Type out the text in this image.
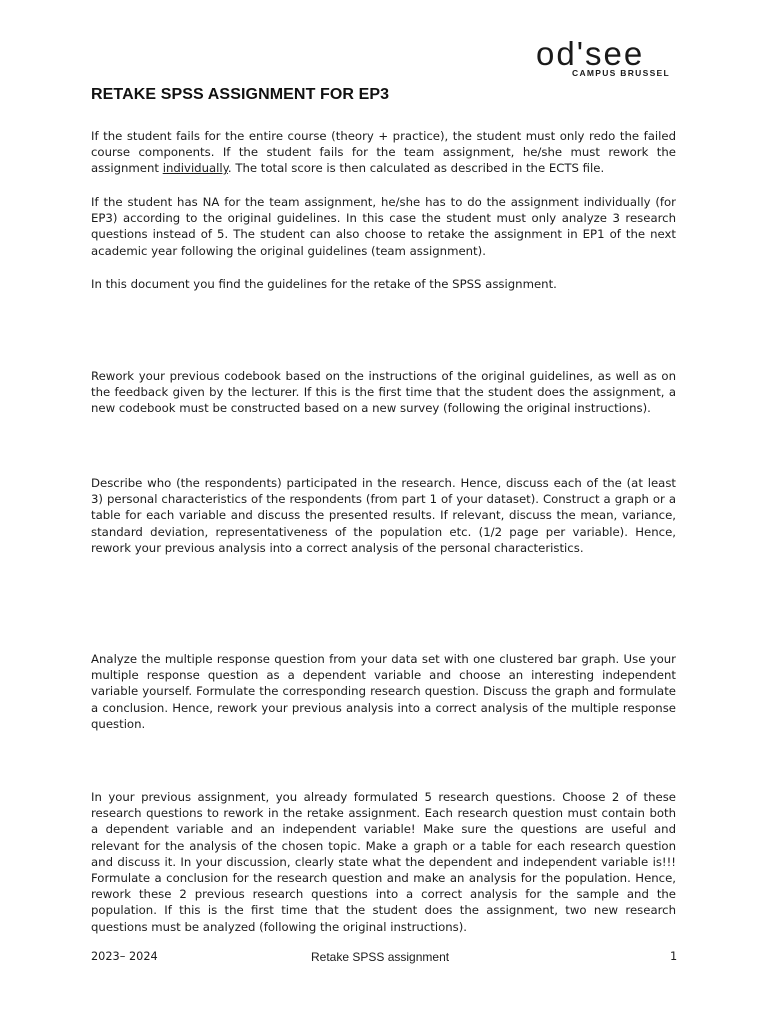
od'see
CAMPUS BRUSSEL
RETAKE SPSS ASSIGNMENT FOR EP3

If the student fails for the entire course (theory + practice), the student must only redo the failed course components. If the student fails for the team assignment, he/she must rework the assignment individually. The total score is then calculated as described in the ECTS file.

If the student has NA for the team assignment, he/she has to do the assignment individually (for EP3) according to the original guidelines. In this case the student must only analyze 3 research questions instead of 5. The student can also choose to retake the assignment in EP1 of the next academic year following the original guidelines (team assignment).

In this document you find the guidelines for the retake of the SPSS assignment.

Rework your previous codebook based on the instructions of the original guidelines, as well as on the feedback given by the lecturer. If this is the first time that the student does the assignment, a new codebook must be constructed based on a new survey (following the original instructions).

Describe who (the respondents) participated in the research. Hence, discuss each of the (at least 3) personal characteristics of the respondents (from part 1 of your dataset). Construct a graph or a table for each variable and discuss the presented results. If relevant, discuss the mean, variance, standard deviation, representativeness of the population etc. (1/2 page per variable). Hence, rework your previous analysis into a correct analysis of the personal characteristics.

Analyze the multiple response question from your data set with one clustered bar graph. Use your multiple response question as a dependent variable and choose an interesting independent variable yourself. Formulate the corresponding research question. Discuss the graph and formulate a conclusion. Hence, rework your previous analysis into a correct analysis of the multiple response question.

In your previous assignment, you already formulated 5 research questions. Choose 2 of these research questions to rework in the retake assignment. Each research question must contain both a dependent variable and an independent variable! Make sure the questions are useful and relevant for the analysis of the chosen topic. Make a graph or a table for each research question and discuss it. In your discussion, clearly state what the dependent and independent variable is!!! Formulate a conclusion for the research question and make an analysis for the population. Hence, rework these 2 previous research questions into a correct analysis for the sample and the population. If this is the first time that the student does the assignment, two new research questions must be analyzed (following the original instructions).

2023– 2024	Retake SPSS assignment	1
